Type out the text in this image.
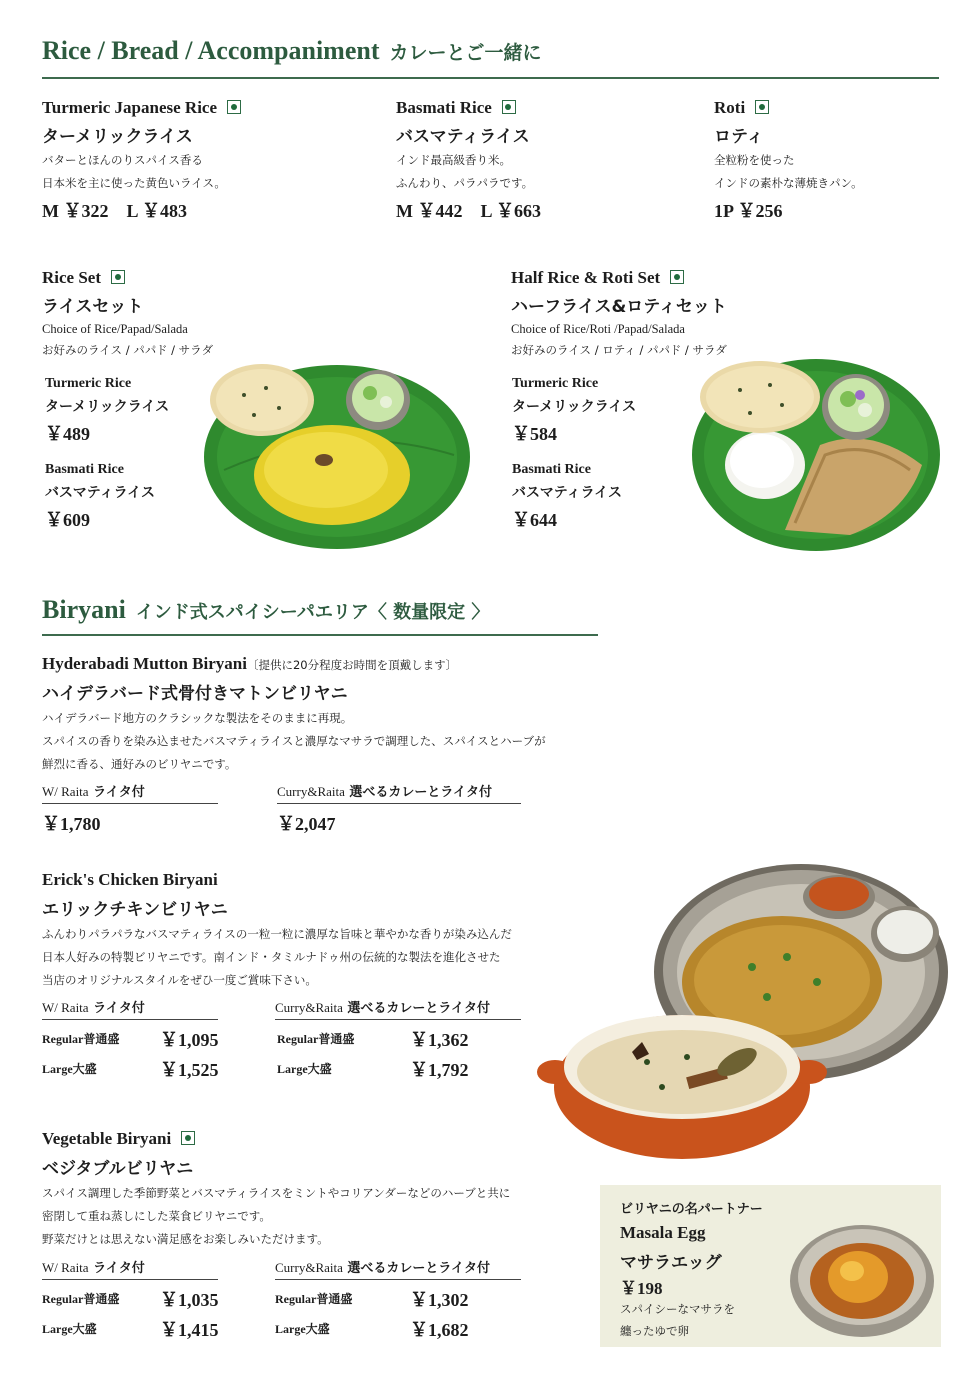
Rice / Bread / Accompaniment カレーとご一緒に
Turmeric Japanese Rice
ターメリックライス
バターとほんのりスパイス香る
日本米を主に使った黄色いライス。
M ￥322　L ￥483
Basmati Rice
バスマティライス
インド最高級香り米。
ふんわり、パラパラです。
M ￥442　L ￥663
Roti
ロティ
全粒粉を使った
インドの素朴な薄焼きパン。
1P ￥256
Rice Set
ライスセット
Choice of Rice/Papad/Salada
お好みのライス / パパド / サラダ
Turmeric Rice
ターメリックライス
￥489
Basmati Rice
バスマティライス
￥609
Half Rice & Roti Set
ハーフライス&ロティセット
Choice of Rice/Roti /Papad/Salada
お好みのライス / ロティ / パパド / サラダ
Turmeric Rice
ターメリックライス
￥584
Basmati Rice
バスマティライス
￥644
Biryani インド式スパイシーパエリア〈 数量限定 〉
Hyderabadi Mutton Biryani〔提供に20分程度お時間を頂戴します〕
ハイデラバード式骨付きマトンビリヤニ
ハイデラバード地方のクラシックな製法をそのままに再現。
スパイスの香りを染み込ませたバスマティライスと濃厚なマサラで調理した、スパイスとハーブが
鮮烈に香る、通好みのビリヤニです。
W/ Raita ライタ付
￥1,780
Curry&Raita 選べるカレーとライタ付
￥2,047
Erick's Chicken Biryani
エリックチキンビリヤニ
ふんわりパラパラなバスマティライスの一粒一粒に濃厚な旨味と華やかな香りが染み込んだ
日本人好みの特製ビリヤニです。南インド・タミルナドゥ州の伝統的な製法を進化させた
当店のオリジナルスタイルをぜひ一度ご賞味下さい。
W/ Raita ライタ付
Regular普通盛 ￥1,095
Large大盛	￥1,525
Curry&Raita 選べるカレーとライタ付
Regular普通盛	￥1,362
Large大盛	￥1,792
Vegetable Biryani
ベジタブルビリヤニ
スパイス調理した季節野菜とバスマティライスをミントやコリアンダーなどのハーブと共に
密閉して重ね蒸しにした菜食ビリヤニです。
野菜だけとは思えない満足感をお楽しみいただけます。
W/ Raita ライタ付
Regular普通盛 ￥1,035
Large大盛	￥1,415
Curry&Raita 選べるカレーとライタ付
Regular普通盛	￥1,302
Large大盛	￥1,682
ビリヤニの名パートナー
Masala Egg
マサラエッグ
￥198
スパイシーなマサラを
纏ったゆで卵
